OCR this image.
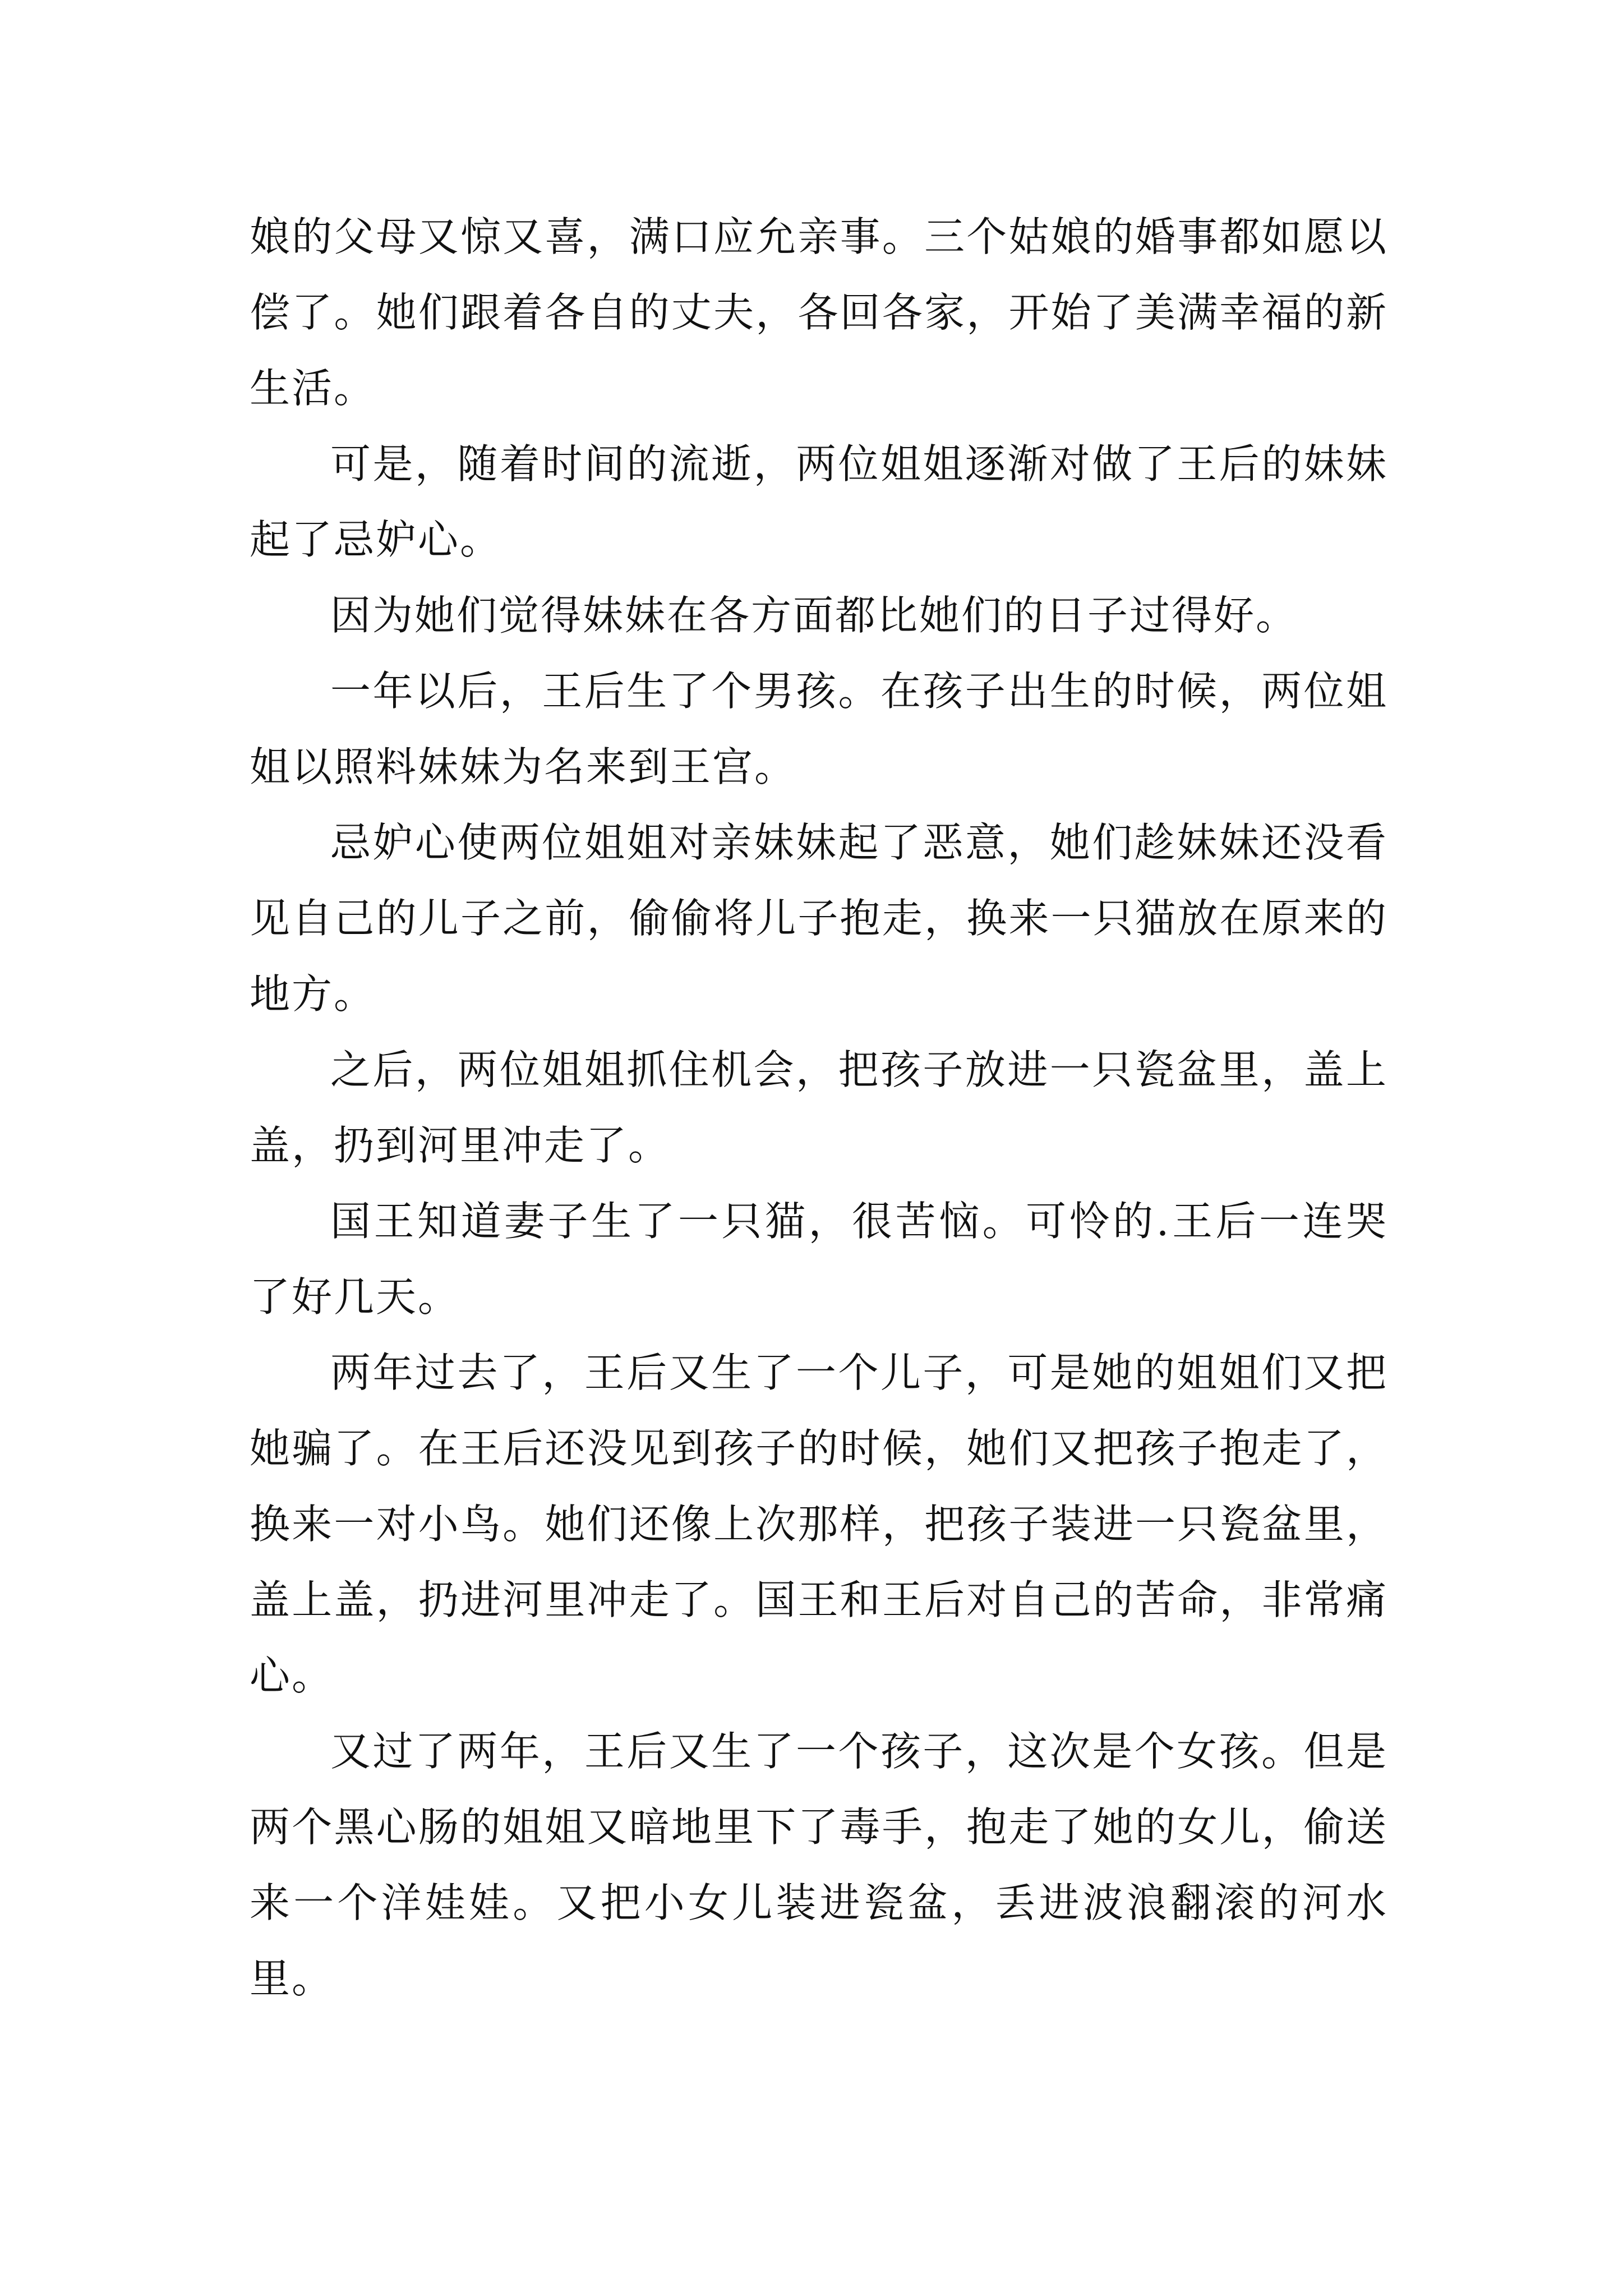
娘的父母又惊又喜，满口应允亲事。三个姑娘的婚事都如愿以偿了。她们跟着各自的丈夫，各回各家，开始了美满幸福的新生活。

可是，随着时间的流逝，两位姐姐逐渐对做了王后的妹妹起了忌妒心。

因为她们觉得妹妹在各方面都比她们的日子过得好。

一年以后，王后生了个男孩。在孩子出生的时候，两位姐姐以照料妹妹为名来到王宫。

忌妒心使两位姐姐对亲妹妹起了恶意，她们趁妹妹还没看见自己的儿子之前，偷偷将儿子抱走，换来一只猫放在原来的地方。

之后，两位姐姐抓住机会，把孩子放进一只瓷盆里，盖上盖，扔到河里冲走了。

国王知道妻子生了一只猫，很苦恼。可怜的.王后一连哭了好几天。

两年过去了，王后又生了一个儿子，可是她的姐姐们又把她骗了。在王后还没见到孩子的时候，她们又把孩子抱走了，换来一对小鸟。她们还像上次那样，把孩子装进一只瓷盆里，盖上盖，扔进河里冲走了。国王和王后对自己的苦命，非常痛心。

又过了两年，王后又生了一个孩子，这次是个女孩。但是两个黑心肠的姐姐又暗地里下了毒手，抱走了她的女儿，偷送来一个洋娃娃。又把小女儿装进瓷盆，丢进波浪翻滚的河水里。
